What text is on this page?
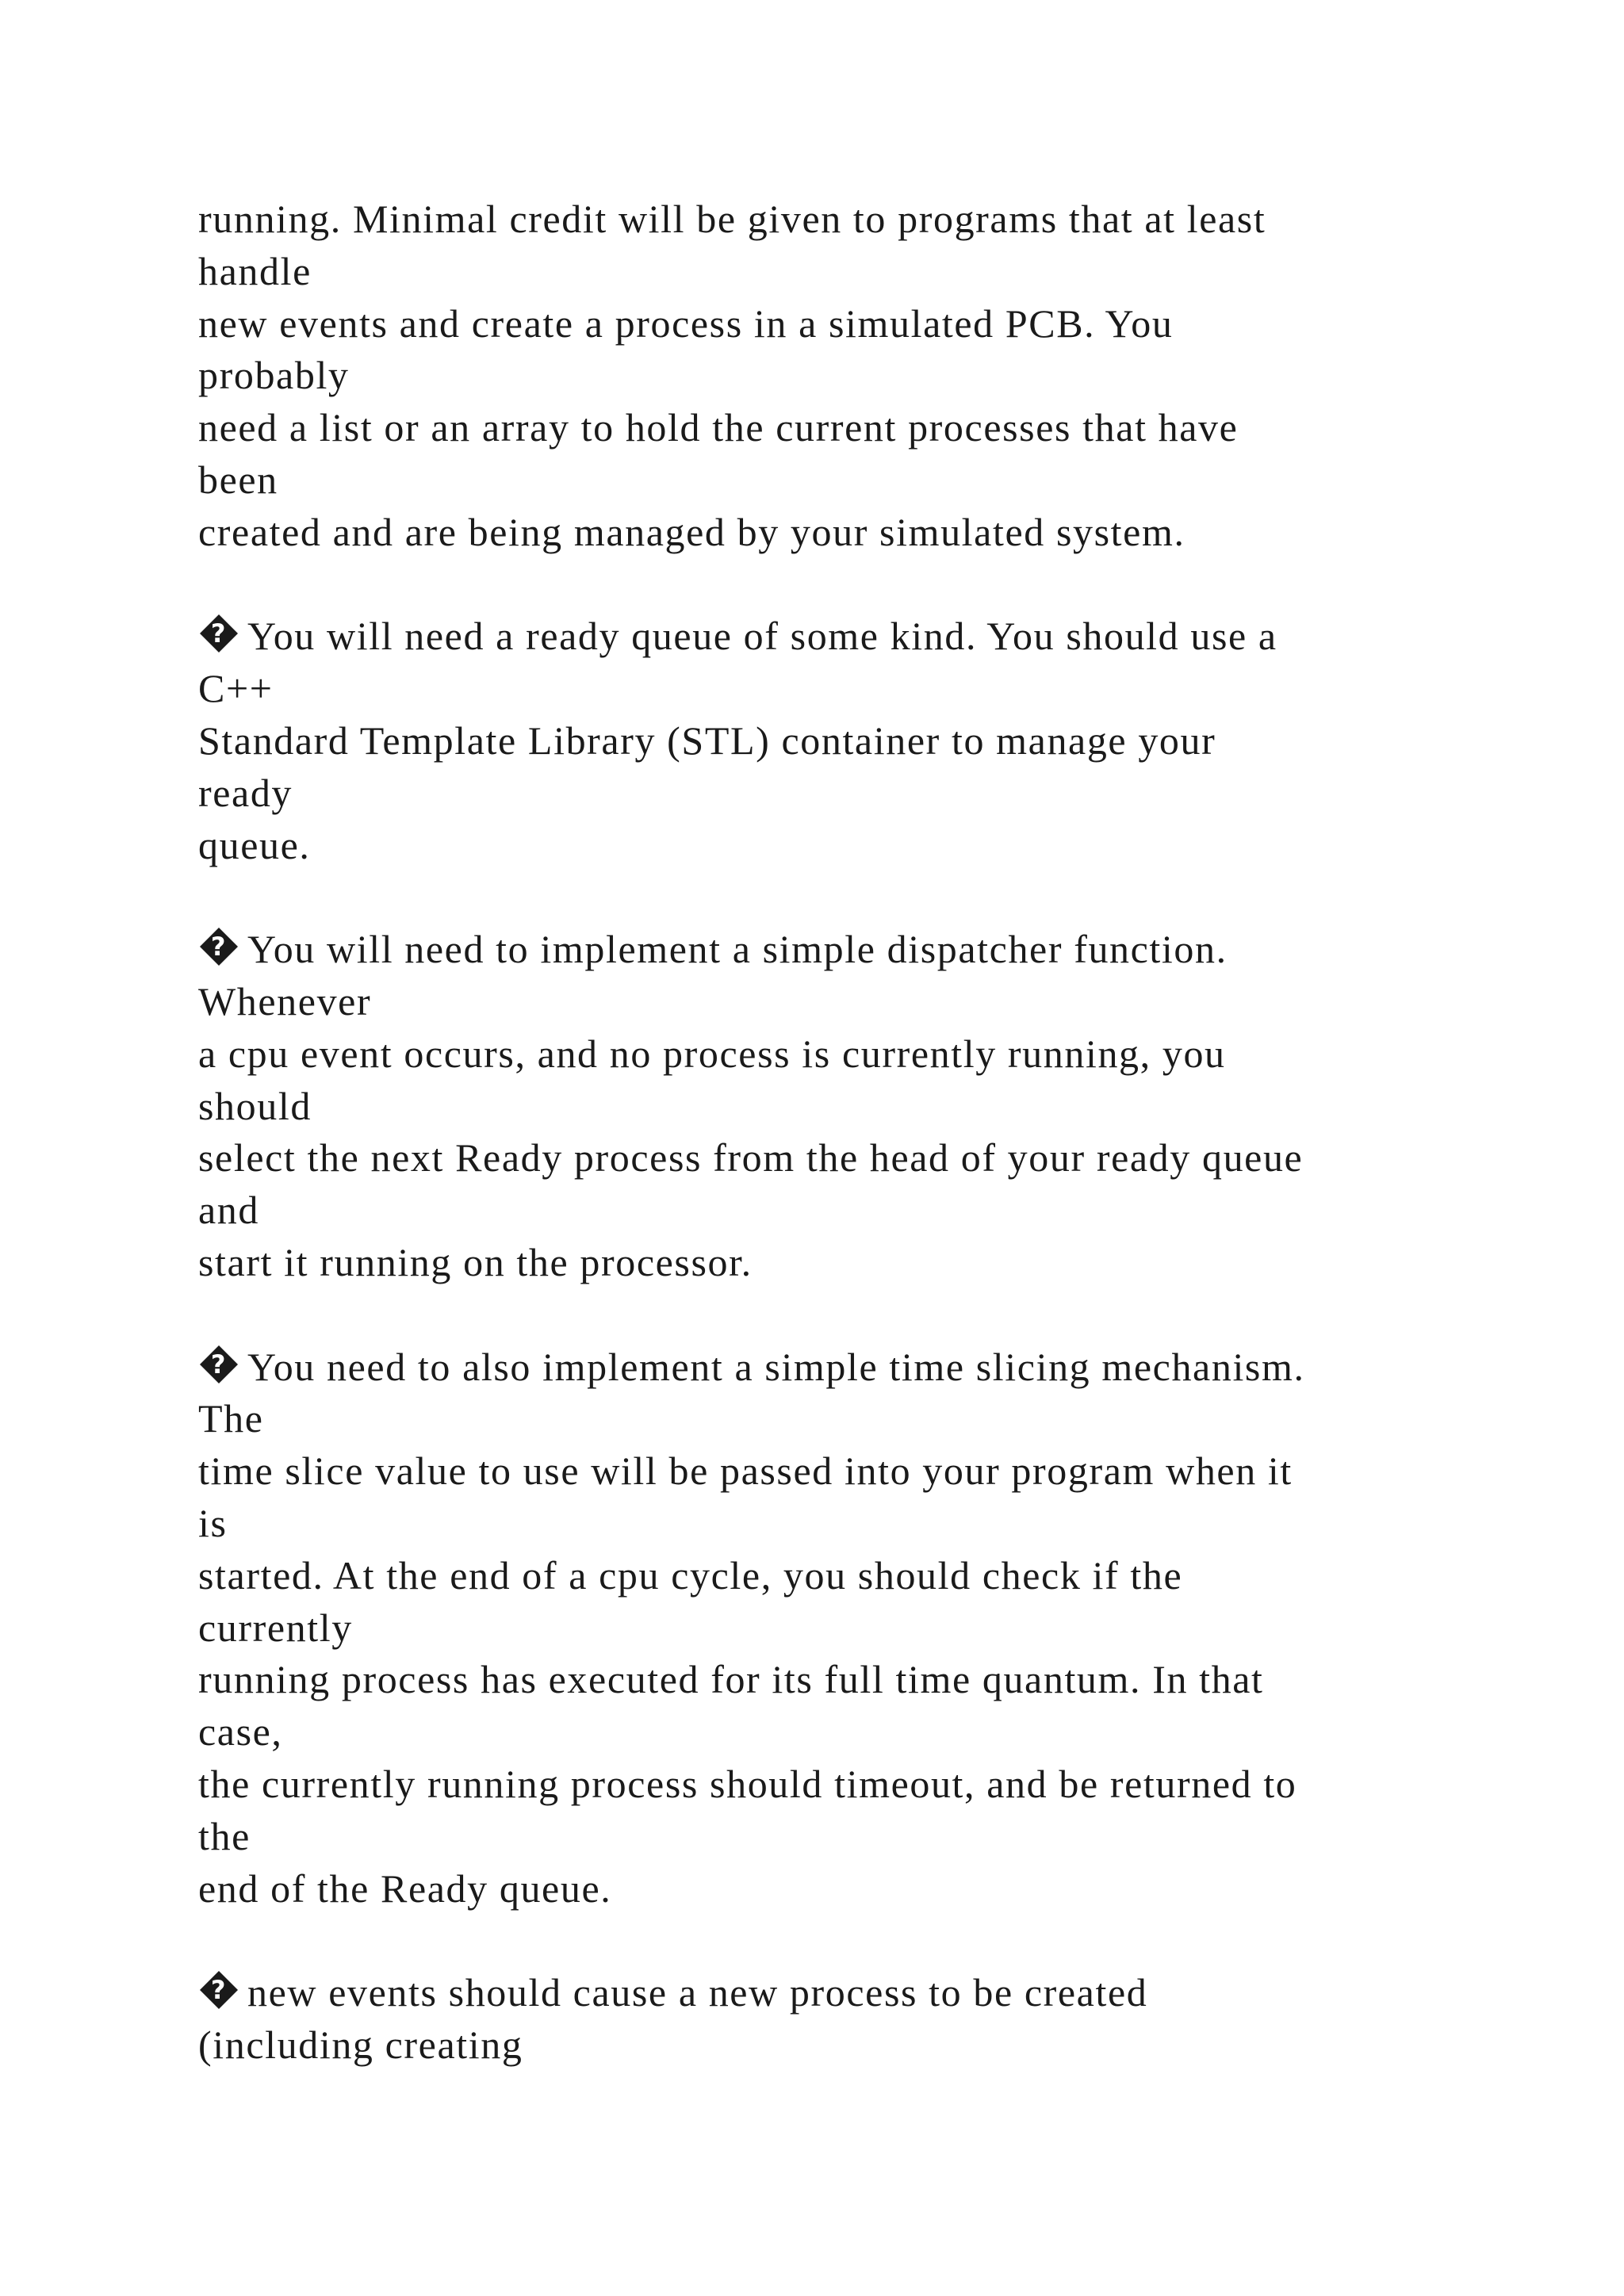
running. Minimal credit will be given to programs that at least
handle
new events and create a process in a simulated PCB. You
probably
need a list or an array to hold the current processes that have
been
created and are being managed by your simulated system.
? You will need a ready queue of some kind. You should use a
C++
Standard Template Library (STL) container to manage your
ready
queue.
? You will need to implement a simple dispatcher function.
Whenever
a cpu event occurs, and no process is currently running, you
should
select the next Ready process from the head of your ready queue
and
start it running on the processor.
? You need to also implement a simple time slicing mechanism.
The
time slice value to use will be passed into your program when it
is
started. At the end of a cpu cycle, you should check if the
currently
running process has executed for its full time quantum. In that
case,
the currently running process should timeout, and be returned to
the
end of the Ready queue.
? new events should cause a new process to be created
(including creating
